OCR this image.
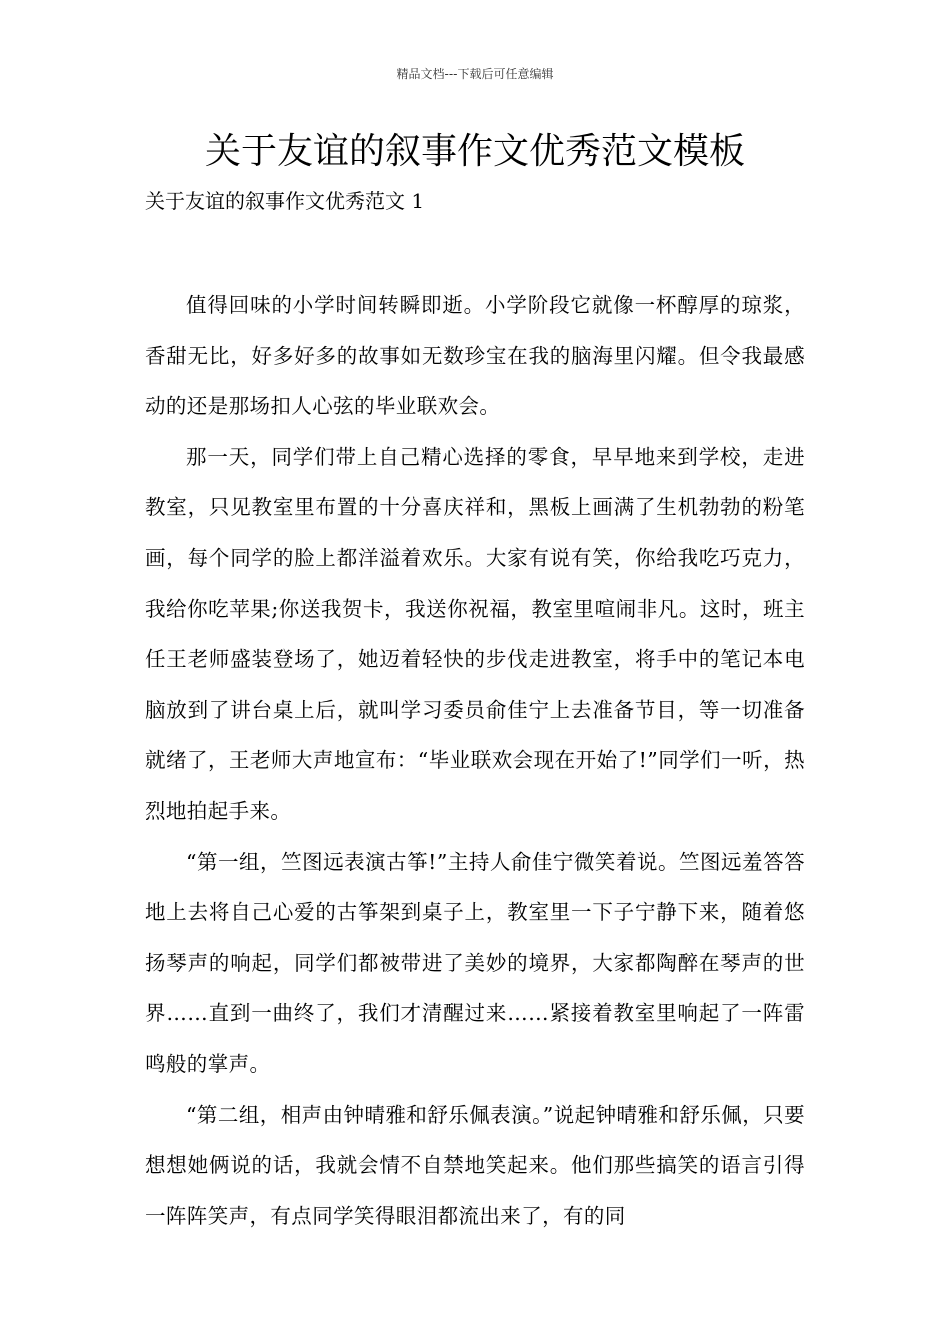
精品文档---下载后可任意编辑
关于友谊的叙事作文优秀范文模板
关于友谊的叙事作文优秀范文 1

值得回味的小学时间转瞬即逝。小学阶段它就像一杯醇厚的琼浆，香甜无比，好多好多的故事如无数珍宝在我的脑海里闪耀。但令我最感动的还是那场扣人心弦的毕业联欢会。

那一天，同学们带上自己精心选择的零食，早早地来到学校，走进教室，只见教室里布置的十分喜庆祥和，黑板上画满了生机勃勃的粉笔画，每个同学的脸上都洋溢着欢乐。大家有说有笑，你给我吃巧克力，我给你吃苹果;你送我贺卡，我送你祝福，教室里喧闹非凡。这时，班主任王老师盛装登场了，她迈着轻快的步伐走进教室，将手中的笔记本电脑放到了讲台桌上后，就叫学习委员俞佳宁上去准备节目，等一切准备就绪了，王老师大声地宣布：“毕业联欢会现在开始了!”同学们一听，热烈地拍起手来。

“第一组，竺图远表演古筝!”主持人俞佳宁微笑着说。竺图远羞答答地上去将自己心爱的古筝架到桌子上，教室里一下子宁静下来，随着悠扬琴声的响起，同学们都被带进了美妙的境界，大家都陶醉在琴声的世界……直到一曲终了，我们才清醒过来……紧接着教室里响起了一阵雷鸣般的掌声。

“第二组，相声由钟晴雅和舒乐佩表演。”说起钟晴雅和舒乐佩，只要想想她俩说的话，我就会情不自禁地笑起来。他们那些搞笑的语言引得一阵阵笑声，有点同学笑得眼泪都流出来了，有的同
